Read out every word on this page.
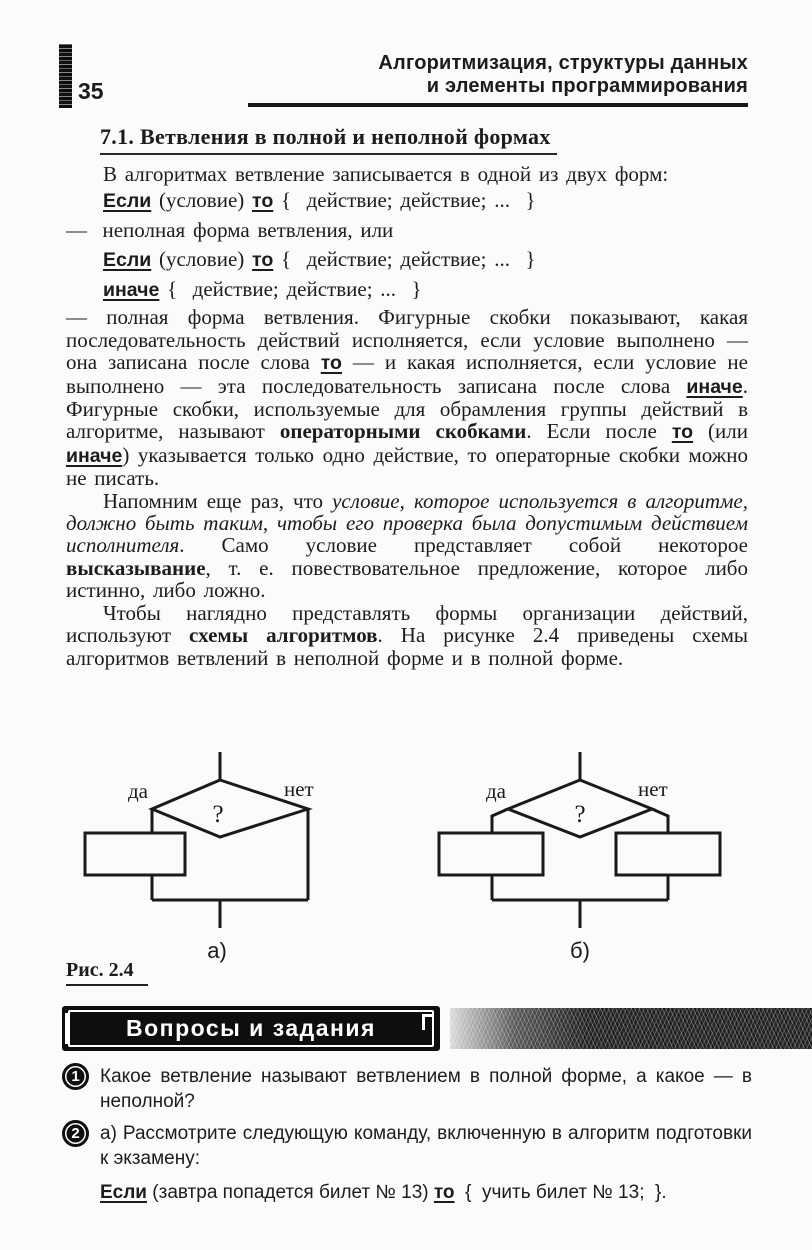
35
Алгоритмизация, структуры данных
и элементы программирования
7.1. Ветвления в полной и неполной формах

В алгоритмах ветвление записывается в одной из двух форм:

Если (условие) то {  действие; действие; ...  }

—  неполная форма ветвления, или

Если (условие) то {  действие; действие; ...  }

иначе {  действие; действие; ...  }

— полная форма ветвления. Фигурные скобки показывают, какая последовательность действий исполняется, если условие выполнено — она записана после слова то — и какая исполняется, если условие не выполнено — эта последовательность записана после слова иначе. Фигурные скобки, используемые для обрамления группы действий в алгоритме, называют операторными скобками. Если после то (или иначе) указывается только одно действие, то операторные скобки можно не писать.

Напомним еще раз, что условие, которое используется в алгоритме, должно быть таким, чтобы его проверка была допустимым действием исполнителя. Само условие представляет собой некоторое высказывание, т. е. повествовательное предложение, которое либо истинно, либо ложно.

Чтобы наглядно представлять формы организации действий, используют схемы алгоритмов. На рисунке 2.4 приведены схемы алгоритмов ветвлений в неполной форме и в полной форме.

?
да	нет
а)
?
да	нет
б)
Рис. 2.4
Вопросы и задания
1	Какое ветвление называют ветвлением в полной форме, а какое — в неполной?
2	а) Рассмотрите следующую команду, включенную в алгоритм подготовки к экзамену:
Если (завтра попадется билет № 13) то  {  учить билет № 13;  }.
